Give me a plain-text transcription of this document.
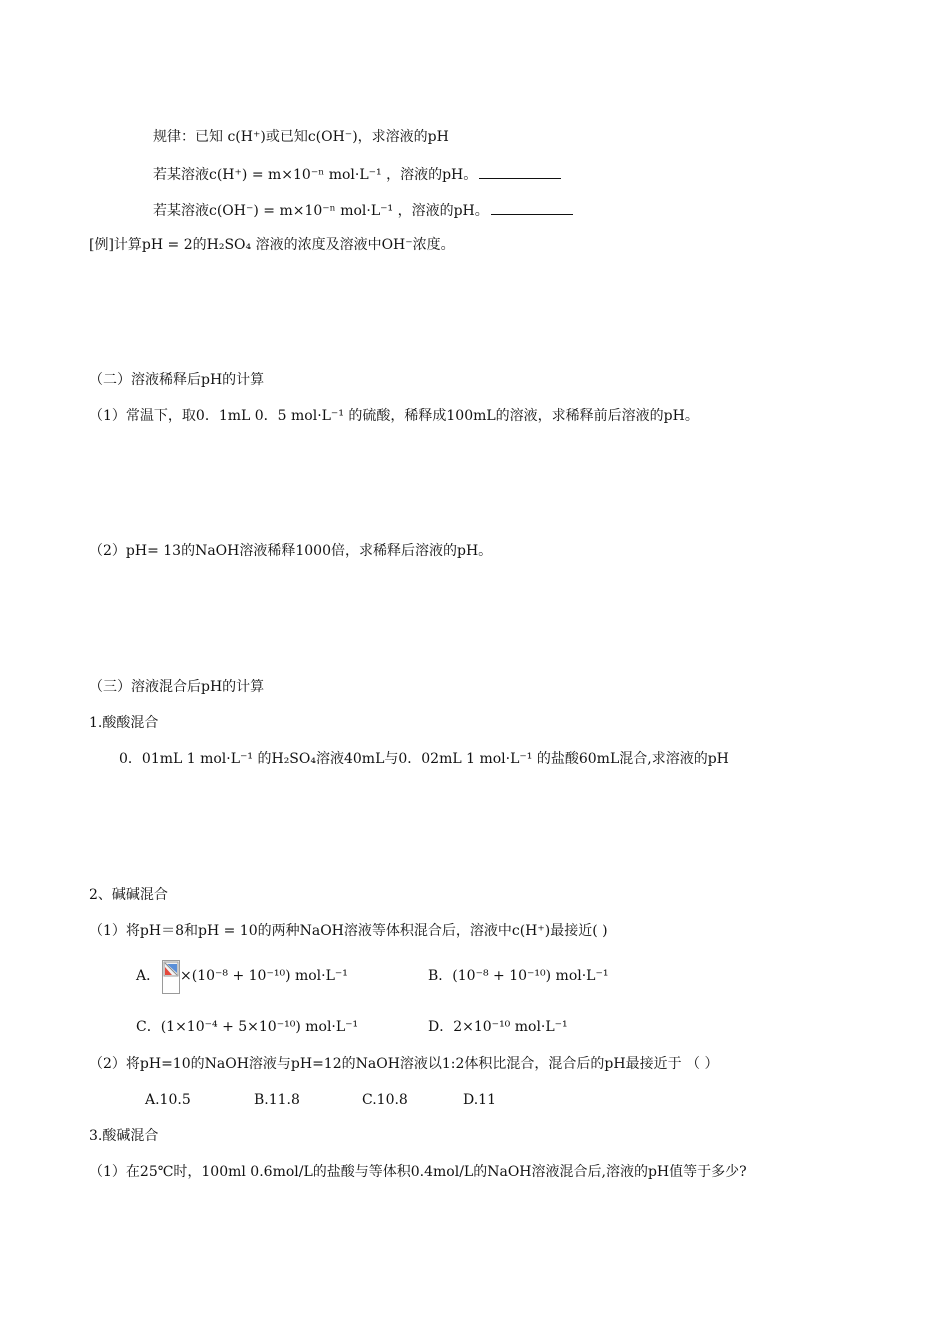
规律：已知 c(H⁺)或已知c(OH⁻)，求溶液的pH
若某溶液c(H⁺) = m×10⁻ⁿ mol·L⁻¹ ，溶液的pH。
若某溶液c(OH⁻) = m×10⁻ⁿ mol·L⁻¹ ，溶液的pH。
[例]计算pH = 2的H₂SO₄ 溶液的浓度及溶液中OH⁻浓度。
（二）溶液稀释后pH的计算
（1）常温下，取0．1mL 0．5 mol·L⁻¹ 的硫酸，稀释成100mL的溶液，求稀释前后溶液的pH。
（2）pH= 13的NaOH溶液稀释1000倍，求稀释后溶液的pH。
（三）溶液混合后pH的计算
1.酸酸混合
0．01mL 1 mol·L⁻¹ 的H₂SO₄溶液40mL与0．02mL 1 mol·L⁻¹ 的盐酸60mL混合,求溶液的pH
2、碱碱混合
（1）将pH＝8和pH = 10的两种NaOH溶液等体积混合后，溶液中c(H⁺)最接近( )
A． ×(10⁻⁸ + 10⁻¹⁰) mol·L⁻¹	B．(10⁻⁸ + 10⁻¹⁰) mol·L⁻¹
C．(1×10⁻⁴ + 5×10⁻¹⁰) mol·L⁻¹	D．2×10⁻¹⁰ mol·L⁻¹
（2）将pH=10的NaOH溶液与pH=12的NaOH溶液以1:2体积比混合，混合后的pH最接近于 （ ）
A.10.5	B.11.8	C.10.8	D.11
3.酸碱混合
（1）在25℃时，100ml 0.6mol/L的盐酸与等体积0.4mol/L的NaOH溶液混合后,溶液的pH值等于多少?
